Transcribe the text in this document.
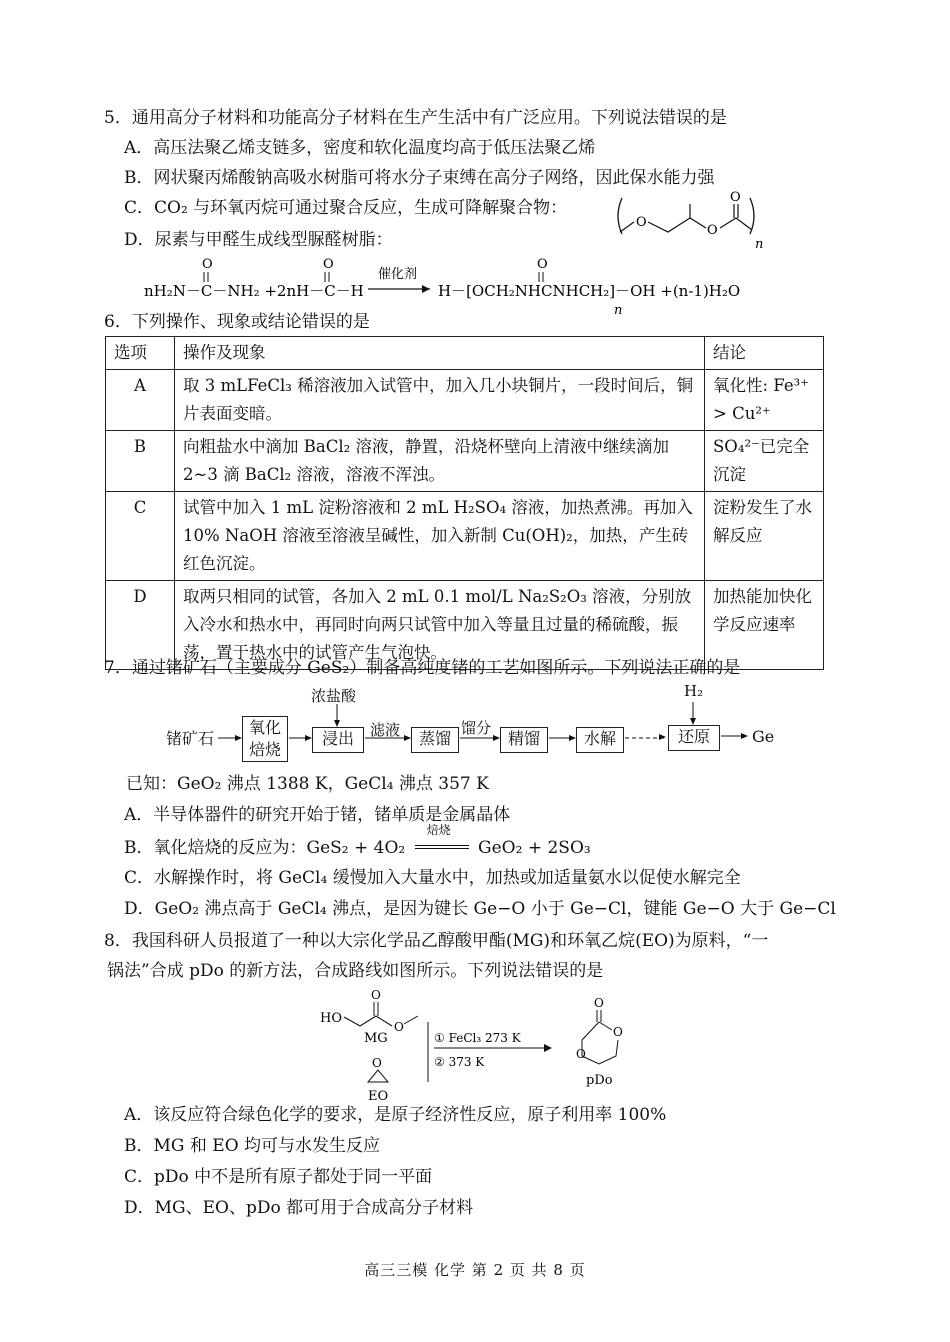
5．通用高分子材料和功能高分子材料在生产生活中有广泛应用。下列说法错误的是
A．高压法聚乙烯支链多，密度和软化温度均高于低压法聚乙烯
B．网状聚丙烯酸钠高吸水树脂可将水分子束缚在高分子网络，因此保水能力强
C．CO₂ 与环氧丙烷可通过聚合反应，生成可降解聚合物：
D．尿素与甲醛生成线型脲醛树脂：
O
O
O
n
O	O
nH₂N－C－NH₂ +2nH－C－H
催化剂
O
H－[OCH₂NHCNHCH₂]－OH +(n-1)H₂O
n
6．下列操作、现象或结论错误的是
选项	操作及现象	结论
A	取 3 mLFeCl₃ 稀溶液加入试管中，加入几小块铜片，一段时间后，铜片表面变暗。	氧化性: Fe³⁺ > Cu²⁺
B	向粗盐水中滴加 BaCl₂ 溶液，静置，沿烧杯壁向上清液中继续滴加 2~3 滴 BaCl₂ 溶液，溶液不浑浊。	SO₄²⁻已完全沉淀
C	试管中加入 1 mL 淀粉溶液和 2 mL H₂SO₄ 溶液，加热煮沸。再加入 10% NaOH 溶液至溶液呈碱性，加入新制 Cu(OH)₂，加热，产生砖红色沉淀。	淀粉发生了水解反应
D	取两只相同的试管，各加入 2 mL 0.1 mol/L Na₂S₂O₃ 溶液，分别放入冷水和热水中，再同时向两只试管中加入等量且过量的稀硫酸，振荡，置于热水中的试管产生气泡快。	加热能加快化学反应速率
7．通过锗矿石（主要成分 GeS₂）制备高纯度锗的工艺如图所示。下列说法正确的是
锗矿石
氧化焙烧
浓盐酸
浸出	滤液	蒸馏
馏分
精馏	水解
H₂
还原	Ge
已知：GeO₂ 沸点 1388 K，GeCl₄ 沸点 357 K
A．半导体器件的研究开始于锗，锗单质是金属晶体
B．氧化焙烧的反应为：GeS₂ + 4O₂
焙烧
GeO₂ + 2SO₃
C．水解操作时，将 GeCl₄ 缓慢加入大量水中，加热或加适量氨水以促使水解完全
D．GeO₂ 沸点高于 GeCl₄ 沸点，是因为键长 Ge−O 小于 Ge−Cl，键能 Ge−O 大于 Ge−Cl
8．我国科研人员报道了一种以大宗化学品乙醇酸甲酯(MG)和环氧乙烷(EO)为原料，“一
锅法”合成 pDo 的新方法，合成路线如图所示。下列说法错误的是
HO
O
O
MG
O
EO
① FeCl₃ 273 K
② 373 K
O
O
O
pDo
A．该反应符合绿色化学的要求，是原子经济性反应，原子利用率 100%
B．MG 和 EO 均可与水发生反应
C．pDo 中不是所有原子都处于同一平面
D．MG、EO、pDo 都可用于合成高分子材料
高三三模 化学 第 2 页 共 8 页
